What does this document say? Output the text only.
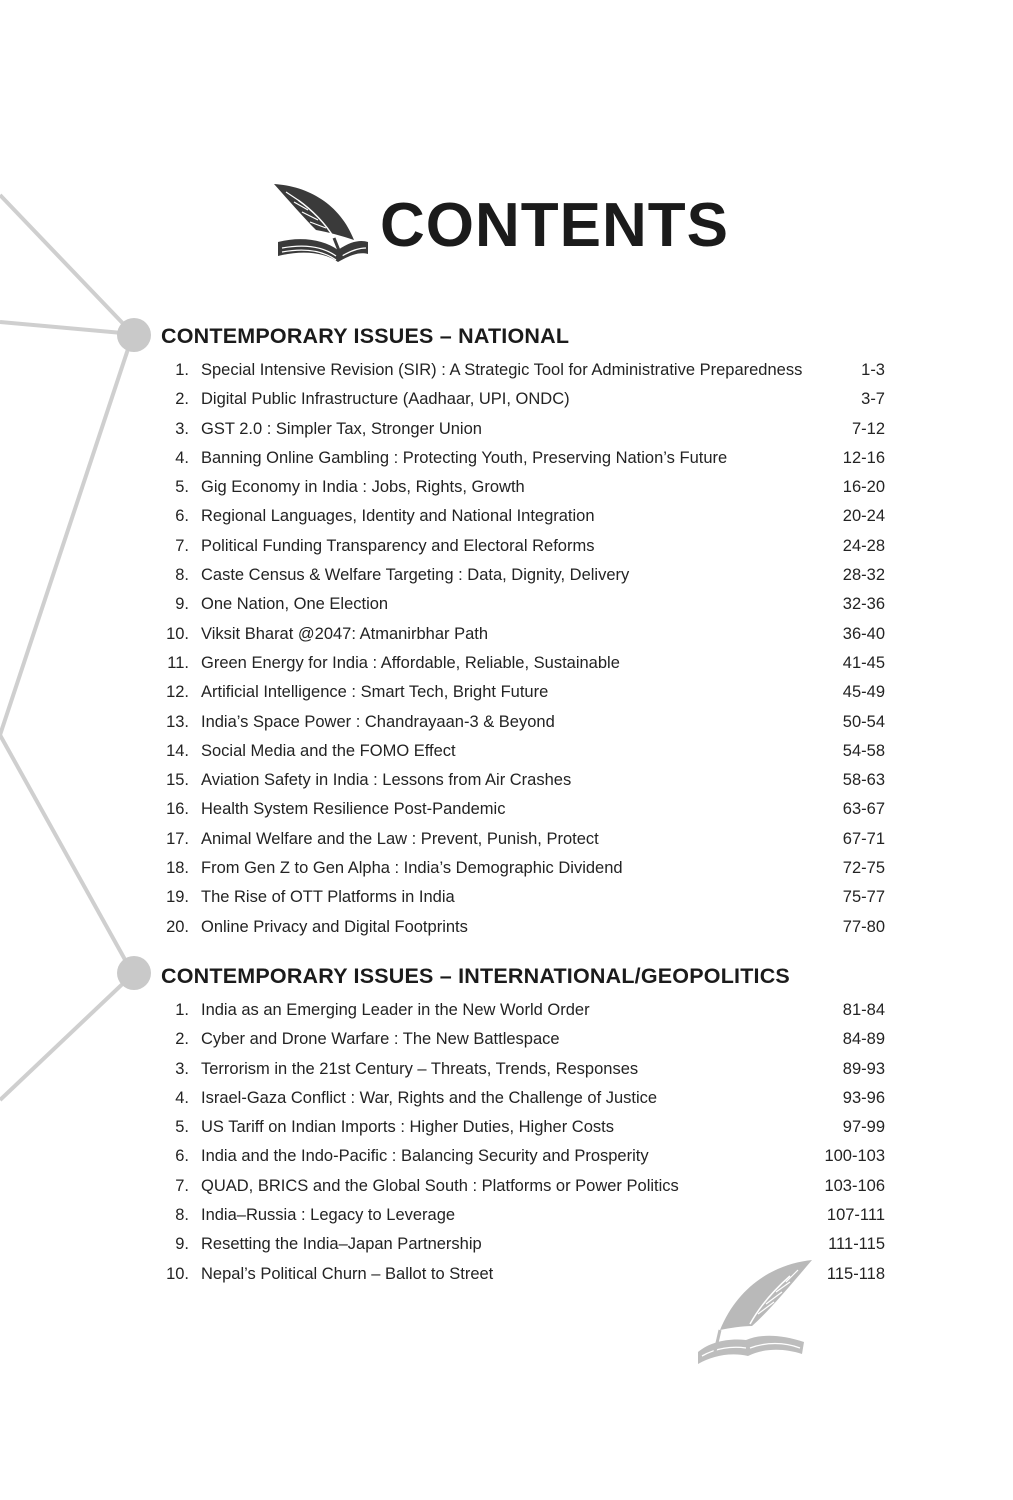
CONTENTS
CONTEMPORARY ISSUES – NATIONAL
1. Special Intensive Revision (SIR) : A Strategic Tool for Administrative Preparedness	1-3
2. Digital Public Infrastructure (Aadhaar, UPI, ONDC)	3-7
3. GST 2.0 : Simpler Tax, Stronger Union	7-12
4. Banning Online Gambling : Protecting Youth, Preserving Nation’s Future	12-16
5. Gig Economy in India : Jobs, Rights, Growth	16-20
6. Regional Languages, Identity and National Integration	20-24
7. Political Funding Transparency and Electoral Reforms	24-28
8. Caste Census & Welfare Targeting : Data, Dignity, Delivery	28-32
9. One Nation, One Election	32-36
10. Viksit Bharat @2047: Atmanirbhar Path	36-40
11. Green Energy for India : Affordable, Reliable, Sustainable	41-45
12. Artificial Intelligence : Smart Tech, Bright Future	45-49
13. India’s Space Power : Chandrayaan-3 & Beyond	50-54
14. Social Media and the FOMO Effect	54-58
15. Aviation Safety in India : Lessons from Air Crashes	58-63
16. Health System Resilience Post-Pandemic	63-67
17. Animal Welfare and the Law : Prevent, Punish, Protect	67-71
18. From Gen Z to Gen Alpha : India’s Demographic Dividend	72-75
19. The Rise of OTT Platforms in India	75-77
20. Online Privacy and Digital Footprints	77-80
CONTEMPORARY ISSUES – INTERNATIONAL/GEOPOLITICS
1. India as an Emerging Leader in the New World Order	81-84
2. Cyber and Drone Warfare : The New Battlespace	84-89
3. Terrorism in the 21st Century – Threats, Trends, Responses	89-93
4. Israel-Gaza Conflict : War, Rights and the Challenge of Justice	93-96
5. US Tariff on Indian Imports : Higher Duties, Higher Costs	97-99
6. India and the Indo-Pacific : Balancing Security and Prosperity	100-103
7. QUAD, BRICS and the Global South : Platforms or Power Politics	103-106
8. India–Russia : Legacy to Leverage	107-111
9. Resetting the India–Japan Partnership	111-115
10. Nepal’s Political Churn – Ballot to Street	115-118
